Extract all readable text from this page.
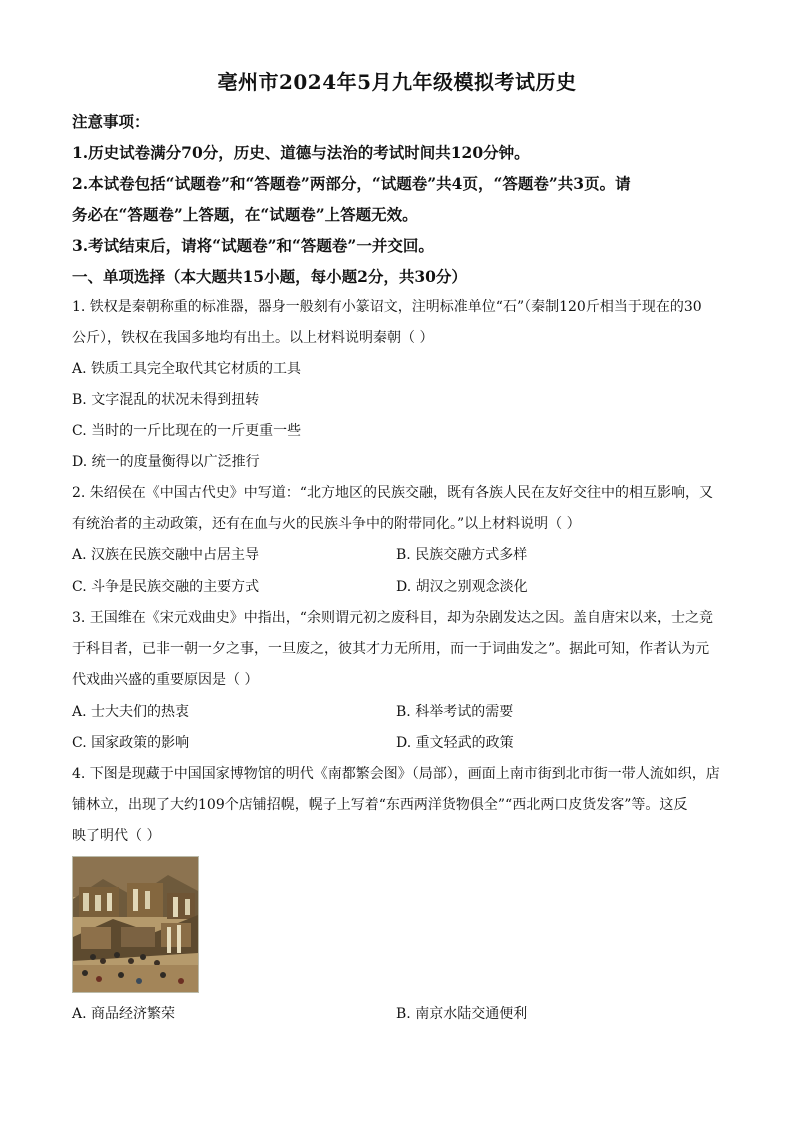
亳州市2024年5月九年级模拟考试历史
注意事项：
1.历史试卷满分70分，历史、道德与法治的考试时间共120分钟。
2.本试卷包括“试题卷”和“答题卷”两部分，“试题卷”共4页，“答题卷”共3页。请
务必在“答题卷”上答题，在“试题卷”上答题无效。
3.考试结束后，请将“试题卷”和“答题卷”一并交回。
一、单项选择（本大题共15小题，每小题2分，共30分）
1. 铁权是秦朝称重的标准器，器身一般刻有小篆诏文，注明标准单位“石”（秦制120斤相当于现在的30
公斤），铁权在我国多地均有出土。以上材料说明秦朝（ ）
A. 铁质工具完全取代其它材质的工具
B. 文字混乱的状况未得到扭转
C. 当时的一斤比现在的一斤更重一些
D. 统一的度量衡得以广泛推行
2. 朱绍侯在《中国古代史》中写道：“北方地区的民族交融，既有各族人民在友好交往中的相互影响，又
有统治者的主动政策，还有在血与火的民族斗争中的附带同化。”以上材料说明（ ）
A. 汉族在民族交融中占居主导	B. 民族交融方式多样
C. 斗争是民族交融的主要方式	D. 胡汉之别观念淡化
3. 王国维在《宋元戏曲史》中指出，“余则谓元初之废科目，却为杂剧发达之因。盖自唐宋以来，士之竞
于科目者，已非一朝一夕之事，一旦废之，彼其才力无所用，而一于词曲发之”。据此可知，作者认为元
代戏曲兴盛的重要原因是（ ）
A. 士大夫们的热衷	B. 科举考试的需要
C. 国家政策的影响	D. 重文轻武的政策
4. 下图是现藏于中国国家博物馆的明代《南都繁会图》（局部），画面上南市街到北市街一带人流如织，店
铺林立，出现了大约109个店铺招幌，幌子上写着“东西两洋货物俱全”“西北两口皮货发客”等。这反
映了明代（ ）
A. 商品经济繁荣	B. 南京水陆交通便利
